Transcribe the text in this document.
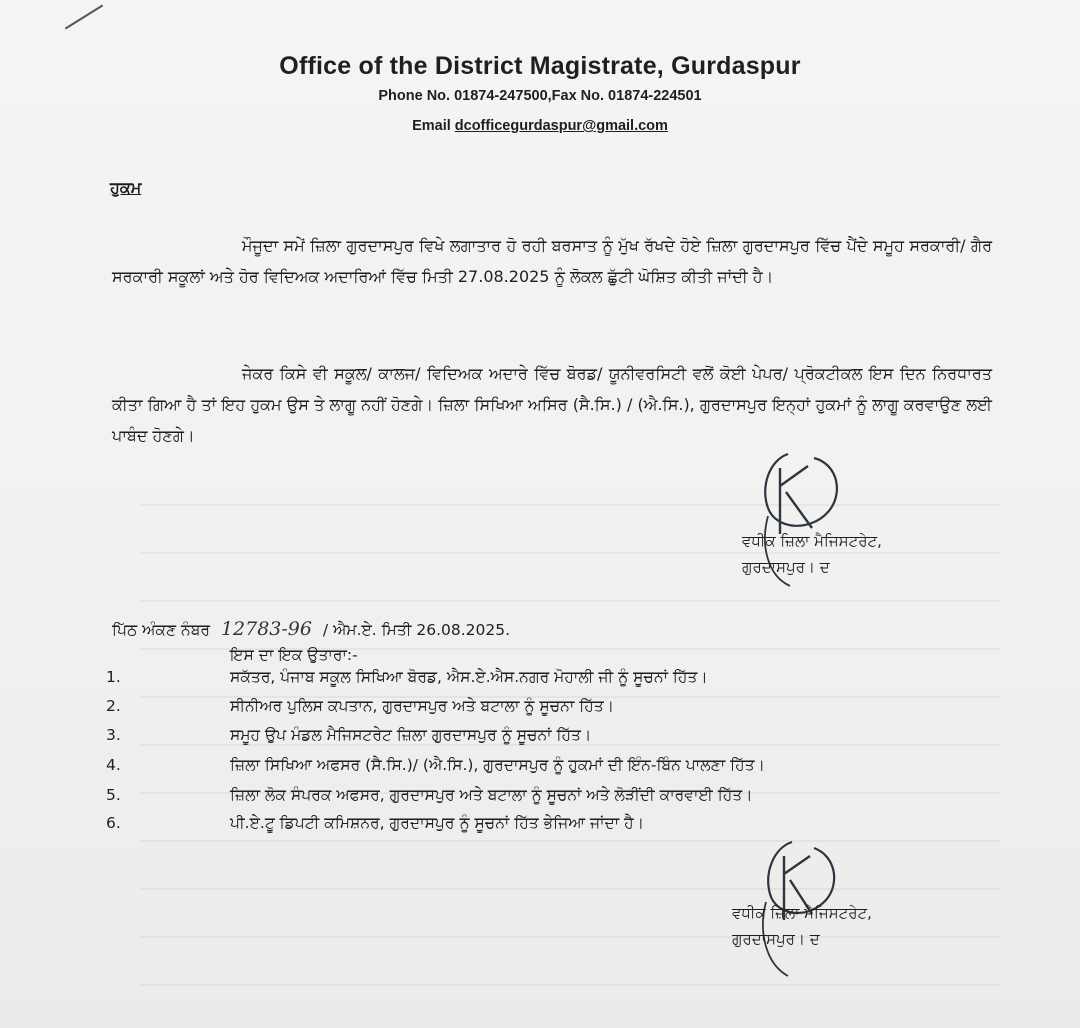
Office of the District Magistrate, Gurdaspur
Phone No. 01874-247500,Fax No. 01874-224501
Email dcofficegurdaspur@gmail.com
ਹੁਕਮ
ਮੌਜੂਦਾ ਸਮੇਂ ਜ਼ਿਲਾ ਗੁਰਦਾਸਪੁਰ ਵਿਖੇ ਲਗਾਤਾਰ ਹੋ ਰਹੀ ਬਰਸਾਤ ਨੂੰ ਮੁੱਖ ਰੱਖਦੇ ਹੋਏ ਜ਼ਿਲਾ ਗੁਰਦਾਸਪੁਰ ਵਿੱਚ ਪੈਂਦੇ ਸਮੂਹ ਸਰਕਾਰੀ/ ਗੈਰ ਸਰਕਾਰੀ ਸਕੂਲਾਂ ਅਤੇ ਹੋਰ ਵਿਦਿਅਕ ਅਦਾਰਿਆਂ ਵਿੱਚ ਮਿਤੀ 27.08.2025 ਨੂੰ ਲੋਕਲ ਛੁੱਟੀ ਘੋਸ਼ਿਤ ਕੀਤੀ ਜਾਂਦੀ ਹੈ।
ਜੇਕਰ ਕਿਸੇ ਵੀ ਸਕੂਲ/ ਕਾਲਜ/ ਵਿਦਿਅਕ ਅਦਾਰੇ ਵਿੱਚ ਬੋਰਡ/ ਯੂਨੀਵਰਸਿਟੀ ਵਲੋਂ ਕੋਈ ਪੇਪਰ/ ਪ੍ਰੋਕਟੀਕਲ ਇਸ ਦਿਨ ਨਿਰਧਾਰਤ ਕੀਤਾ ਗਿਆ ਹੈ ਤਾਂ ਇਹ ਹੁਕਮ ਉਸ ਤੇ ਲਾਗੂ ਨਹੀਂ ਹੋਣਗੇ। ਜ਼ਿਲਾ ਸਿਖਿਆ ਅਸਿਰ (ਸੈ.ਸਿ.) / (ਐ.ਸਿ.), ਗੁਰਦਾਸਪੁਰ ਇਨ੍ਹਾਂ ਹੁਕਮਾਂ ਨੂੰ ਲਾਗੂ ਕਰਵਾਉਣ ਲਈ ਪਾਬੰਦ ਹੋਣਗੇ।
ਵਧੀਕ ਜ਼ਿਲਾ ਮੈਜਿਸਟਰੇਟ,
ਗੁਰਦਾਸਪੁਰ। ਦ
ਪਿੱਠ ਅੰਕਣ ਨੰਬਰ 12783-96 / ਐਮ.ਏ. ਮਿਤੀ 26.08.2025.
ਇਸ ਦਾ ਇਕ ਉਤਾਰਾ:-
1.	ਸਕੱਤਰ, ਪੰਜਾਬ ਸਕੂਲ ਸਿਖਿਆ ਬੋਰਡ, ਐਸ.ਏ.ਐਸ.ਨਗਰ ਮੋਹਾਲੀ ਜੀ ਨੂੰ ਸੂਚਨਾਂ ਹਿੱਤ।
2.	ਸੀਨੀਅਰ ਪੁਲਿਸ ਕਪਤਾਨ, ਗੁਰਦਾਸਪੁਰ ਅਤੇ ਬਟਾਲਾ ਨੂੰ ਸੂਚਨਾ ਹਿੱਤ।
3.	ਸਮੂਹ ਉਪ ਮੰਡਲ ਮੈਜਿਸਟਰੇਟ ਜ਼ਿਲਾ ਗੁਰਦਾਸਪੁਰ ਨੂੰ ਸੂਚਨਾਂ ਹਿੱਤ।
4.	ਜ਼ਿਲਾ ਸਿਖਿਆ ਅਫਸਰ (ਸੈ.ਸਿ.)/ (ਐ.ਸਿ.), ਗੁਰਦਾਸਪੁਰ ਨੂੰ ਹੁਕਮਾਂ ਦੀ ਇੰਨ-ਬਿੰਨ ਪਾਲਣਾ ਹਿੱਤ।
5.	ਜ਼ਿਲਾ ਲੋਕ ਸੰਪਰਕ ਅਫਸਰ, ਗੁਰਦਾਸਪੁਰ ਅਤੇ ਬਟਾਲਾ ਨੂੰ ਸੂਚਨਾਂ ਅਤੇ ਲੋੜੀਂਦੀ ਕਾਰਵਾਈ ਹਿੱਤ।
6.	ਪੀ.ਏ.ਟੂ ਡਿਪਟੀ ਕਮਿਸ਼ਨਰ, ਗੁਰਦਾਸਪੁਰ ਨੂੰ ਸੂਚਨਾਂ ਹਿੱਤ ਭੇਜਿਆ ਜਾਂਦਾ ਹੈ।
ਵਧੀਕ ਜ਼ਿਲਾ ਮੈਜਿਸਟਰੇਟ,
ਗੁਰਦਾਸਪੁਰ। ਦ
